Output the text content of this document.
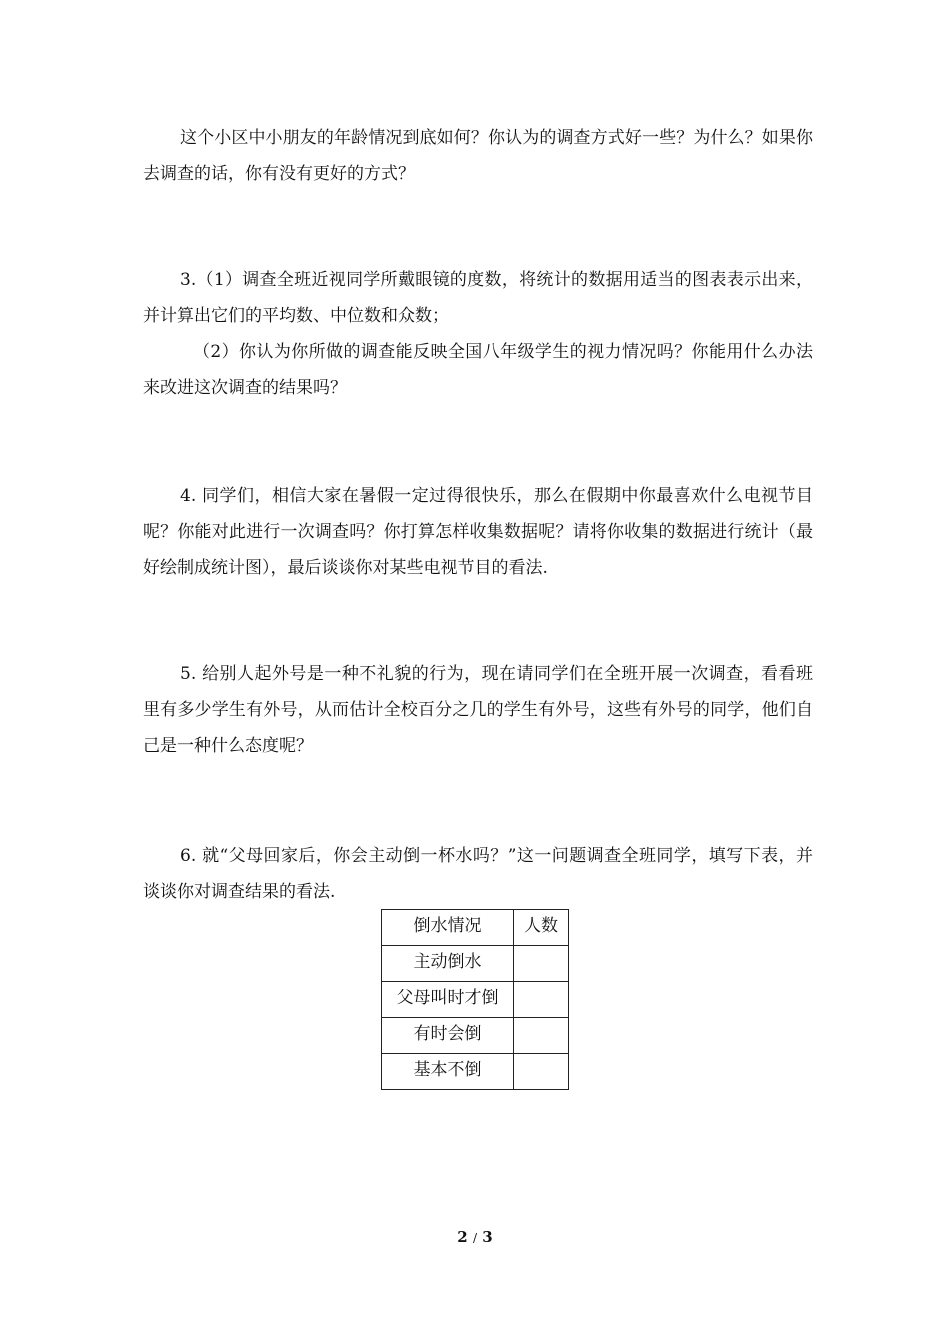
这个小区中小朋友的年龄情况到底如何？你认为的调查方式好一些？为什么？如果你去调查的话，你有没有更好的方式？

3.（1）调查全班近视同学所戴眼镜的度数，将统计的数据用适当的图表表示出来，并计算出它们的平均数、中位数和众数；

（2）你认为你所做的调查能反映全国八年级学生的视力情况吗？你能用什么办法来改进这次调查的结果吗？

4. 同学们，相信大家在暑假一定过得很快乐，那么在假期中你最喜欢什么电视节目呢？你能对此进行一次调查吗？你打算怎样收集数据呢？请将你收集的数据进行统计（最好绘制成统计图），最后谈谈你对某些电视节目的看法.

5. 给别人起外号是一种不礼貌的行为，现在请同学们在全班开展一次调查，看看班里有多少学生有外号，从而估计全校百分之几的学生有外号，这些有外号的同学，他们自己是一种什么态度呢？

6. 就“父母回家后，你会主动倒一杯水吗？”这一问题调查全班同学，填写下表，并谈谈你对调查结果的看法.

倒水情况	人数
主动倒水	
父母叫时才倒	
有时会倒	
基本不倒	
2 / 3
